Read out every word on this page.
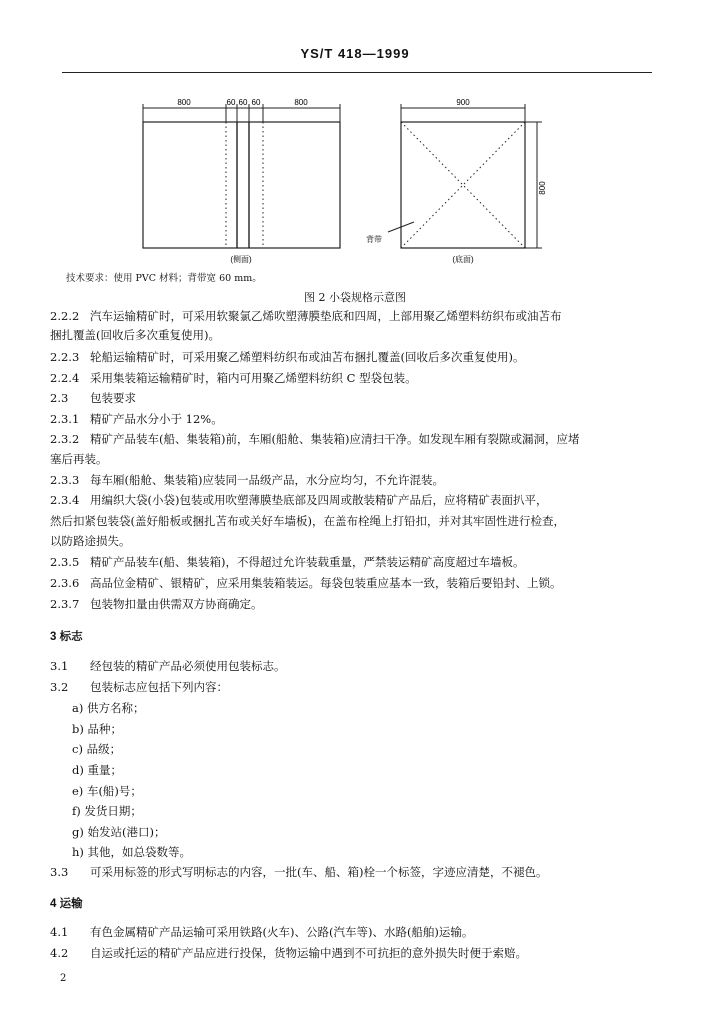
YS/T 418—1999
800	60 60 60	800
(侧面)
900
800
背带
(底面)
技术要求：使用 PVC 材料；背带宽 60 mm。
图 2 小袋规格示意图
2.2.2 汽车运输精矿时，可采用软聚氯乙烯吹塑薄膜垫底和四周，上部用聚乙烯塑料纺织布或油苫布
捆扎覆盖(回收后多次重复使用)。
2.2.3 轮船运输精矿时，可采用聚乙烯塑料纺织布或油苫布捆扎覆盖(回收后多次重复使用)。
2.2.4 采用集装箱运输精矿时，箱内可用聚乙烯塑料纺织 C 型袋包装。
2.3 包装要求
2.3.1 精矿产品水分小于 12%。
2.3.2 精矿产品装车(船、集装箱)前，车厢(船舱、集装箱)应清扫干净。如发现车厢有裂隙或漏洞，应堵
塞后再装。
2.3.3 每车厢(船舱、集装箱)应装同一品级产品，水分应均匀，不允许混装。
2.3.4 用编织大袋(小袋)包装或用吹塑薄膜垫底部及四周或散装精矿产品后，应将精矿表面扒平，
然后扣紧包装袋(盖好船板或捆扎苫布或关好车墙板)，在盖布栓绳上打铅扣，并对其牢固性进行检查，
以防路途损失。
2.3.5 精矿产品装车(船、集装箱)，不得超过允许装载重量，严禁装运精矿高度超过车墙板。
2.3.6 高品位金精矿、银精矿，应采用集装箱装运。每袋包装重应基本一致，装箱后要铅封、上锁。
2.3.7 包装物扣量由供需双方协商确定。
3 标志
3.1 经包装的精矿产品必须使用包装标志。
3.2 包装标志应包括下列内容：
a) 供方名称；
b) 品种；
c) 品级；
d) 重量；
e) 车(船)号；
f) 发货日期；
g) 始发站(港口)；
h) 其他，如总袋数等。
3.3 可采用标签的形式写明标志的内容，一批(车、船、箱)栓一个标签，字迹应清楚，不褪色。
4 运输
4.1 有色金属精矿产品运输可采用铁路(火车)、公路(汽车等)、水路(船舶)运输。
4.2 自运或托运的精矿产品应进行投保，货物运输中遇到不可抗拒的意外损失时便于索赔。
2
